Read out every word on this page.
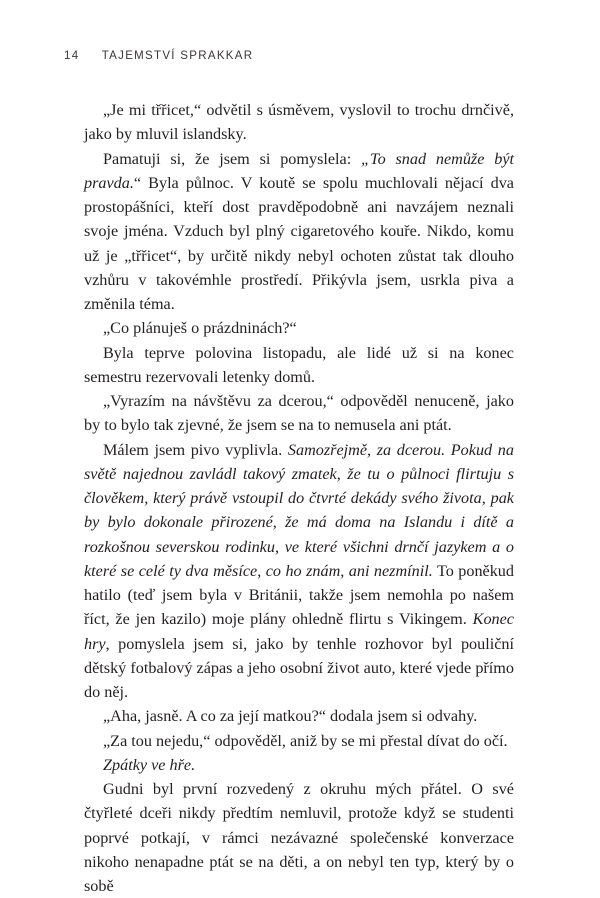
14 TAJEMSTVÍ SPRAKKAR

„Je mi třřicet,“ odvětil s úsměvem, vyslovil to trochu drnčivě, jako by mluvil islandsky.

Pamatuji si, že jsem si pomyslela: „To snad nemůže být pravda.“ Byla půlnoc. V koutě se spolu muchlovali nějací dva prostopášníci, kteří dost pravděpodobně ani navzájem neznali svoje jména. Vzduch byl plný cigaretového kouře. Nikdo, komu už je „třřicet“, by určitě nikdy nebyl ochoten zůstat tak dlouho vzhůru v takovémhle prostředí. Přikývla jsem, usrkla piva a změnila téma.

„Co plánuješ o prázdninách?“

Byla teprve polovina listopadu, ale lidé už si na konec semestru rezervovali letenky domů.

„Vyrazím na návštěvu za dcerou,“ odpověděl nenuceně, jako by to bylo tak zjevné, že jsem se na to nemusela ani ptát.

Málem jsem pivo vyplivla. Samozřejmě, za dcerou. Pokud na světě najednou zavládl takový zmatek, že tu o půlnoci flirtuju s člověkem, který právě vstoupil do čtvrté dekády svého života, pak by bylo dokonale přirozené, že má doma na Islandu i dítě a rozkošnou severskou rodinku, ve které všichni drnčí jazykem a o které se celé ty dva měsíce, co ho znám, ani nezmínil. To poněkud hatilo (teď jsem byla v Británii, takže jsem nemohla po našem říct, že jen kazilo) moje plány ohledně flirtu s Vikingem. Konec hry, pomyslela jsem si, jako by tenhle rozhovor byl pouliční dětský fotbalový zápas a jeho osobní život auto, které vjede přímo do něj.

„Aha, jasně. A co za její matkou?“ dodala jsem si odvahy.

„Za tou nejedu,“ odpověděl, aniž by se mi přestal dívat do očí.

Zpátky ve hře.

Gudni byl první rozvedený z okruhu mých přátel. O své čtyřleté dceři nikdy předtím nemluvil, protože když se studenti poprvé potkají, v rámci nezávazné společenské konverzace nikoho nenapadne ptát se na děti, a on nebyl ten typ, který by o sobě
